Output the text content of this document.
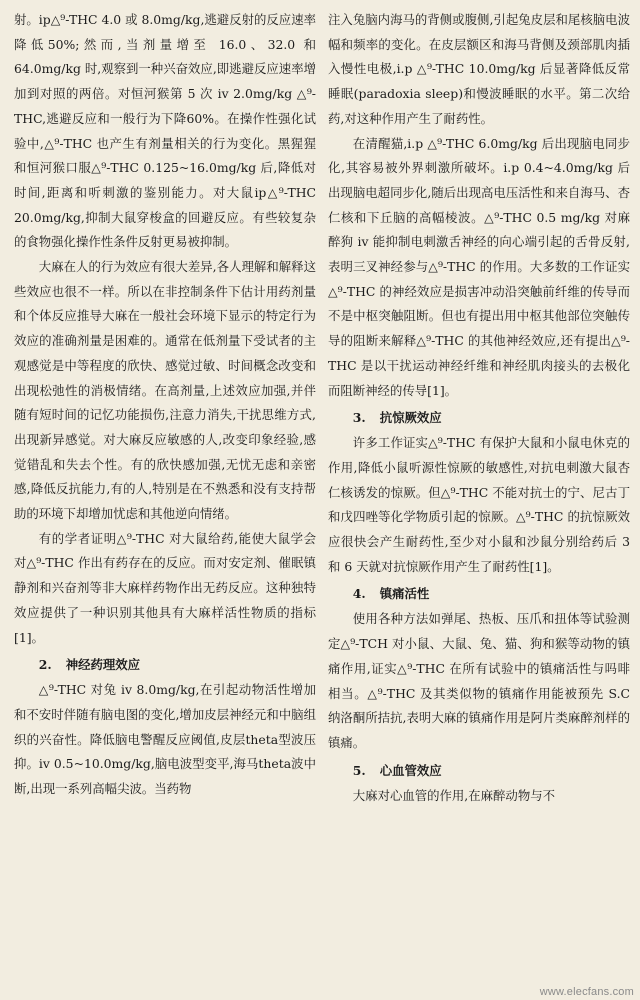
射。ip△⁹-THC 4.0 或 8.0mg/kg,逃避反射的反应速率降低50%;然而,当剂量增至 16.0、32.0 和 64.0mg/kg 时,观察到一种兴奋效应,即逃避反应速率增加到对照的两倍。对恒河猴第 5 次 iv 2.0mg/kg △⁹-THC,逃避反应和一般行为下降60%。在操作性强化试验中,△⁹-THC 也产生有剂量相关的行为变化。黑猩猩和恒河猴口服△⁹-THC 0.125~16.0mg/kg 后,降低对时间,距离和听刺激的鉴别能力。对大鼠ip△⁹-THC 20.0mg/kg,抑制大鼠穿梭盒的回避反应。有些较复杂的食物强化操作性条件反射更易被抑制。

大麻在人的行为效应有很大差异,各人理解和解释这些效应也很不一样。所以在非控制条件下估计用药剂量和个体反应推导大麻在一般社会环境下显示的特定行为效应的准确剂量是困难的。通常在低剂量下受试者的主观感觉是中等程度的欣快、感觉过敏、时间概念改变和出现松弛性的消极情绪。在高剂量,上述效应加强,并伴随有短时间的记忆功能损伤,注意力消失,干扰思维方式,出现新异感觉。对大麻反应敏感的人,改变印象经验,感觉错乱和失去个性。有的欣快感加强,无忧无虑和亲密感,降低反抗能力,有的人,特别是在不熟悉和没有支持帮助的环境下却增加忧虑和其他逆向情绪。

有的学者证明△⁹-THC 对大鼠给药,能使大鼠学会对△⁹-THC 作出有药存在的反应。而对安定剂、催眠镇静剂和兴奋剂等非大麻样药物作出无药反应。这种独特效应提供了一种识别其他具有大麻样活性物质的指标[1]。

2. 神经药理效应

△⁹-THC 对兔 iv 8.0mg/kg,在引起动物活性增加和不安时伴随有脑电图的变化,增加皮层神经元和中脑组织的兴奋性。降低脑电警醒反应阈值,皮层theta型波压抑。iv 0.5~10.0mg/kg,脑电波型变平,海马theta波中断,出现一系列高幅尖波。当药物

注入兔脑内海马的背侧或腹侧,引起兔皮层和尾核脑电波幅和频率的变化。在皮层额区和海马背侧及颈部肌肉插入慢性电极,i.p △⁹-THC 10.0mg/kg 后显著降低反常睡眠(paradoxia sleep)和慢波睡眠的水平。第二次给药,对这种作用产生了耐药性。

在清醒猫,i.p △⁹-THC 6.0mg/kg 后出现脑电同步化,其容易被外界刺激所破坏。i.p 0.4~4.0mg/kg 后出现脑电超同步化,随后出现高电压活性和来自海马、杏仁核和下丘脑的高幅棱波。△⁹-THC 0.5 mg/kg 对麻醉狗 iv 能抑制电刺激舌神经的向心端引起的舌骨反射,表明三叉神经参与△⁹-THC 的作用。大多数的工作证实△⁹-THC 的神经效应是损害冲动沿突触前纤维的传导而不是中枢突触阻断。但也有提出用中枢其他部位突触传导的阻断来解释△⁹-THC 的其他神经效应,还有提出△⁹-THC 是以干扰运动神经纤维和神经肌肉接头的去极化而阻断神经的传导[1]。

3. 抗惊厥效应

许多工作证实△⁹-THC 有保护大鼠和小鼠电休克的作用,降低小鼠听源性惊厥的敏感性,对抗电刺激大鼠杏仁核诱发的惊厥。但△⁹-THC 不能对抗士的宁、尼古丁和戊四唑等化学物质引起的惊厥。△⁹-THC 的抗惊厥效应很快会产生耐药性,至少对小鼠和沙鼠分别给药后 3 和 6 天就对抗惊厥作用产生了耐药性[1]。

4. 镇痛活性

使用各种方法如弹尾、热板、压爪和扭体等试验测定△⁹-TCH 对小鼠、大鼠、兔、猫、狗和猴等动物的镇痛作用,证实△⁹-THC 在所有试验中的镇痛活性与吗啡相当。△⁹-THC 及其类似物的镇痛作用能被预先 S.C 纳洛酮所拮抗,表明大麻的镇痛作用是阿片类麻醉剂样的镇痛。

5. 心血管效应

大麻对心血管的作用,在麻醉动物与不

www.elecfans.com
